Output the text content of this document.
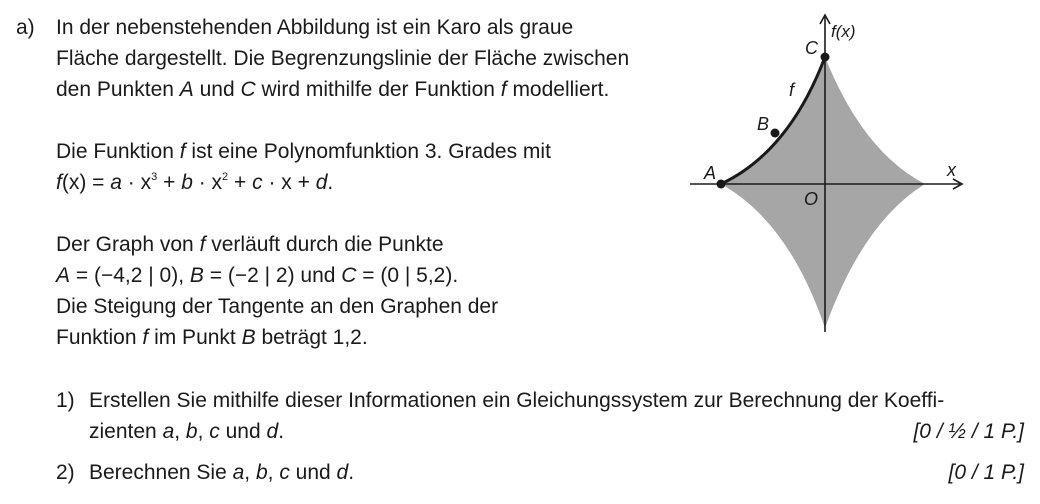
a) In der nebenstehenden Abbildung ist ein Karo als graue
Fläche dargestellt. Die Begrenzungslinie der Fläche zwischen
den Punkten A und C wird mithilfe der Funktion f modelliert.

Die Funktion f ist eine Polynomfunktion 3. Grades mit
$f(x) = a \cdot x^3 + b \cdot x^2 + c \cdot x + d$.

Der Graph von f verläuft durch die Punkte
A = (−4,2 | 0), B = (−2 | 2) und C = (0 | 5,2).
Die Steigung der Tangente an den Graphen der
Funktion f im Punkt B beträgt 1,2.

f(x)
x
O
f
A
B
C
1) Erstellen Sie mithilfe dieser Informationen ein Gleichungssystem zur Berechnung der Koeffi-
zienten a, b, c und d.	[0 / ½ / 1 P.]
2) Berechnen Sie a, b, c und d.	[0 / 1 P.]
